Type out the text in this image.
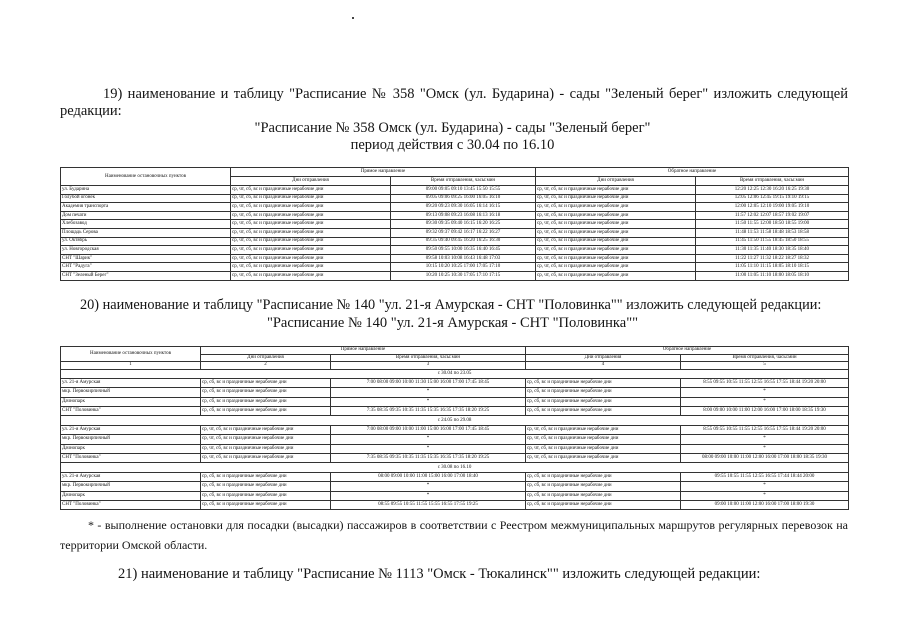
19) наименование и таблицу "Расписание № 358 "Омск (ул. Бударина) - сады "Зеленый берег" изложить следующей редакции:

"Расписание № 358 Омск (ул. Бударина) - сады "Зеленый берег"

период действия с 30.04 по 16.10

Наименование остановочных пунктов	Прямое направление		Обратное направление	
	Дни отправления	Время отправления, часы:мин	Дни отправления	Время отправления, часы:мин
ул. Бударина	ср, чт, сб, вс и праздничные нерабочие дни	09:00 09:05 09:10 13:45 15:50 15:55	ср, чт, сб, вс и праздничные нерабочие дни	12:20 12:25 12:30 16:20 16:25 19:30
Голубой огонек	ср, чт, сб, вс и праздничные нерабочие дни	09:05 09:06 09:25 16:00 16:05 16:10	ср, чт, сб, вс и праздничные нерабочие дни	12:05 12:06 12:45 19:15 19:10 19:15
Академия транспорта	ср, чт, сб, вс и праздничные нерабочие дни	09:20 09:23 09:30 16:05 16:14 16:15	ср, чт, сб, вс и праздничные нерабочие дни	12:00 12:05 12:10 19:00 19:05 19:10
Дом печати	ср, чт, сб, вс и праздничные нерабочие дни	09:13 09:08 09:23 16:08 16:13 16:18	ср, чт, сб, вс и праздничные нерабочие дни	11:57 12:02 12:07 18:57 19:02 19:07
Хлебозавод	ср, чт, сб, вс и праздничные нерабочие дни	09:30 09:35 09:40 16:15 16:20 16:25	ср, чт, сб, вс и праздничные нерабочие дни	11:50 11:55 12:00 18:50 18:55 19:00
Площадь Серова	ср, чт, сб, вс и праздничные нерабочие дни	09:32 09:37 09:42 16:17 16:22 16:27	ср, чт, сб, вс и праздничные нерабочие дни	11:48 11:53 11:58 18:48 18:53 18:58
ул. Октябрь	ср, чт, сб, вс и праздничные нерабочие дни	09:35 09:40 09:45 16:20 16:25 16:30	ср, чт, сб, вс и праздничные нерабочие дни	11:45 11:50 11:55 18:45 18:50 18:55
ул. Новгородская	ср, чт, сб, вс и праздничные нерабочие дни	09:50 09:55 10:00 16:35 16:40 16:45	ср, чт, сб, вс и праздничные нерабочие дни	11:30 11:35 11:40 18:30 18:35 18:40
СНТ "Шарик"	ср, чт, сб, вс и праздничные нерабочие дни	09:58 10:03 10:08 16:43 16:48 17:03	ср, чт, сб, вс и праздничные нерабочие дни	11:22 11:27 11:32 18:22 18:27 18:32
СНТ "Радуга"	ср, чт, сб, вс и праздничные нерабочие дни	10:15 10:20 10:25 17:00 17:05 17:10	ср, чт, сб, вс и праздничные нерабочие дни	11:05 11:10 11:15 18:05 18:10 18:15
СНТ "Зеленый Берег"	ср, чт, сб, вс и праздничные нерабочие дни	10:20 10:25 10:30 17:05 17:10 17:15	ср, чт, сб, вс и праздничные нерабочие дни	11:00 11:05 11:10 18:00 18:05 18:10

20) наименование и таблицу "Расписание № 140 "ул. 21-я Амурская - СНТ "Половинка"" изложить следующей редакции:

"Расписание № 140 "ул. 21-я Амурская - СНТ "Половинка""

Наименование остановочных пунктов	Прямое направление		Обратное направление	
	Дни отправления	Время отправления, часы:мин	Дни отправления	Время отправления, часы:мин
1	2	3	4	5
с 30.04 по 23.05				
ул. 21-я Амурская	ср, сб, вс и праздничные нерабочие дни	7:00 08:00 09:00 10:00 11:30 15:00 16:00 17:00 17:45 18:45	ср, сб, вс и праздничные нерабочие дни	8:55 09:55 10:55 11:55 12:55 16:55 17:55 18:44 19:20 20:00
мкр. Первокирпичный	ср, сб, вс и праздничные нерабочие дни	*	ср, сб, вс и праздничные нерабочие дни	*
Дачнопарк	ср, сб, вс и праздничные нерабочие дни	*	ср, сб, вс и праздничные нерабочие дни	*
СНТ "Половинка"	ср, сб, вс и праздничные нерабочие дни	7:35 08:35 09:35 10:35 11:35 15:35 16:35 17:35 18:20 19:25	ср, сб, вс и праздничные нерабочие дни	8:00 09:00 10:00 11:00 12:00 16:00 17:00 18:00 18:35 19:30
с 24.05 по 29.08				
ул. 21-я Амурская	ср, чт, сб, вс и праздничные нерабочие дни	7:00 08:00 09:00 10:00 11:00 15:00 16:00 17:00 17:45 18:45	ср, чт, сб, вс и праздничные нерабочие дни	8:55 09:55 10:55 11:55 12:55 16:55 17:55 18:44 19:20 20:00
мкр. Первокирпичный	ср, чт, сб, вс и праздничные нерабочие дни	*	ср, чт, сб, вс и праздничные нерабочие дни	*
Дачнопарк	ср, чт, сб, вс и праздничные нерабочие дни	*	ср, чт, сб, вс и праздничные нерабочие дни	*
СНТ "Половинка"	ср, чт, сб, вс и праздничные нерабочие дни	7:35 08:35 09:35 10:35 11:35 15:35 16:35 17:35 18:20 19:25	ср, чт, сб, вс и праздничные нерабочие дни	08:00 09:00 10:00 11:00 12:00 16:00 17:00 18:00 18:35 19:30
с 30.08 по 16.10				
ул. 21-я Амурская	ср, сб, вс и праздничные нерабочие дни	08:00 09:00 10:00 11:00 15:00 16:00 17:00 18:40	ср, сб, вс и праздничные нерабочие дни	09:55 10:55 11:55 12:55 16:55 17:44 18:44 20:00
мкр. Первокирпичный	ср, сб, вс и праздничные нерабочие дни	*	ср, сб, вс и праздничные нерабочие дни	*
Дачнопарк	ср, сб, вс и праздничные нерабочие дни	*	ср, сб, вс и праздничные нерабочие дни	*
СНТ "Половинка"	ср, сб, вс и праздничные нерабочие дни	08:55 09:55 10:55 11:55 15:55 16:55 17:55 19:25	ср, сб, вс и праздничные нерабочие дни	09:00 10:00 11:00 12:00 16:00 17:00 18:00 19:30

* - выполнение остановки для посадки (высадки) пассажиров в соответствии с Реестром межмуниципальных маршрутов регулярных перевозок на территории Омской области.

21) наименование и таблицу "Расписание № 1113 "Омск - Тюкалинск"" изложить следующей редакции:
